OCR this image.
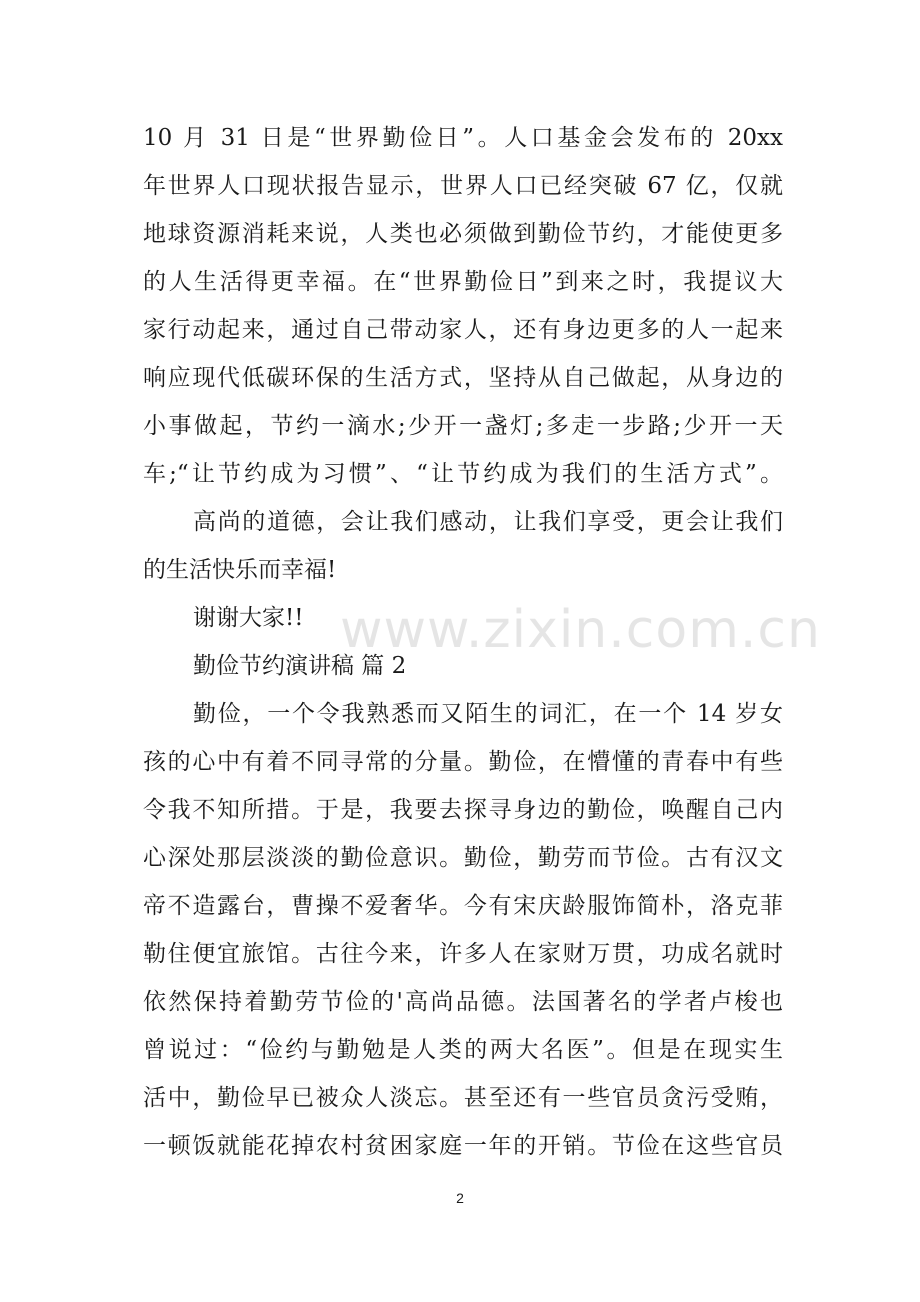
10 月 31 日是“世界勤俭日”。人口基金会发布的 20xx
年世界人口现状报告显示，世界人口已经突破 67 亿，仅就
地球资源消耗来说，人类也必须做到勤俭节约，才能使更多
的人生活得更幸福。在“世界勤俭日”到来之时，我提议大
家行动起来，通过自己带动家人，还有身边更多的人一起来
响应现代低碳环保的生活方式，坚持从自己做起，从身边的
小事做起，节约一滴水;少开一盏灯;多走一步路;少开一天
车;“让节约成为习惯”、“让节约成为我们的生活方式”。
高尚的道德，会让我们感动，让我们享受，更会让我们
的生活快乐而幸福!
谢谢大家!!
勤俭节约演讲稿 篇 2
勤俭，一个令我熟悉而又陌生的词汇，在一个 14 岁女
孩的心中有着不同寻常的分量。勤俭，在懵懂的青春中有些
令我不知所措。于是，我要去探寻身边的勤俭，唤醒自己内
心深处那层淡淡的勤俭意识。勤俭，勤劳而节俭。古有汉文
帝不造露台，曹操不爱奢华。今有宋庆龄服饰简朴，洛克菲
勒住便宜旅馆。古往今来，许多人在家财万贯，功成名就时
依然保持着勤劳节俭的'高尚品德。法国著名的学者卢梭也
曾说过：“俭约与勤勉是人类的两大名医”。但是在现实生
活中，勤俭早已被众人淡忘。甚至还有一些官员贪污受贿，
一顿饭就能花掉农村贫困家庭一年的开销。节俭在这些官员
www.zixin.com.cn
2
